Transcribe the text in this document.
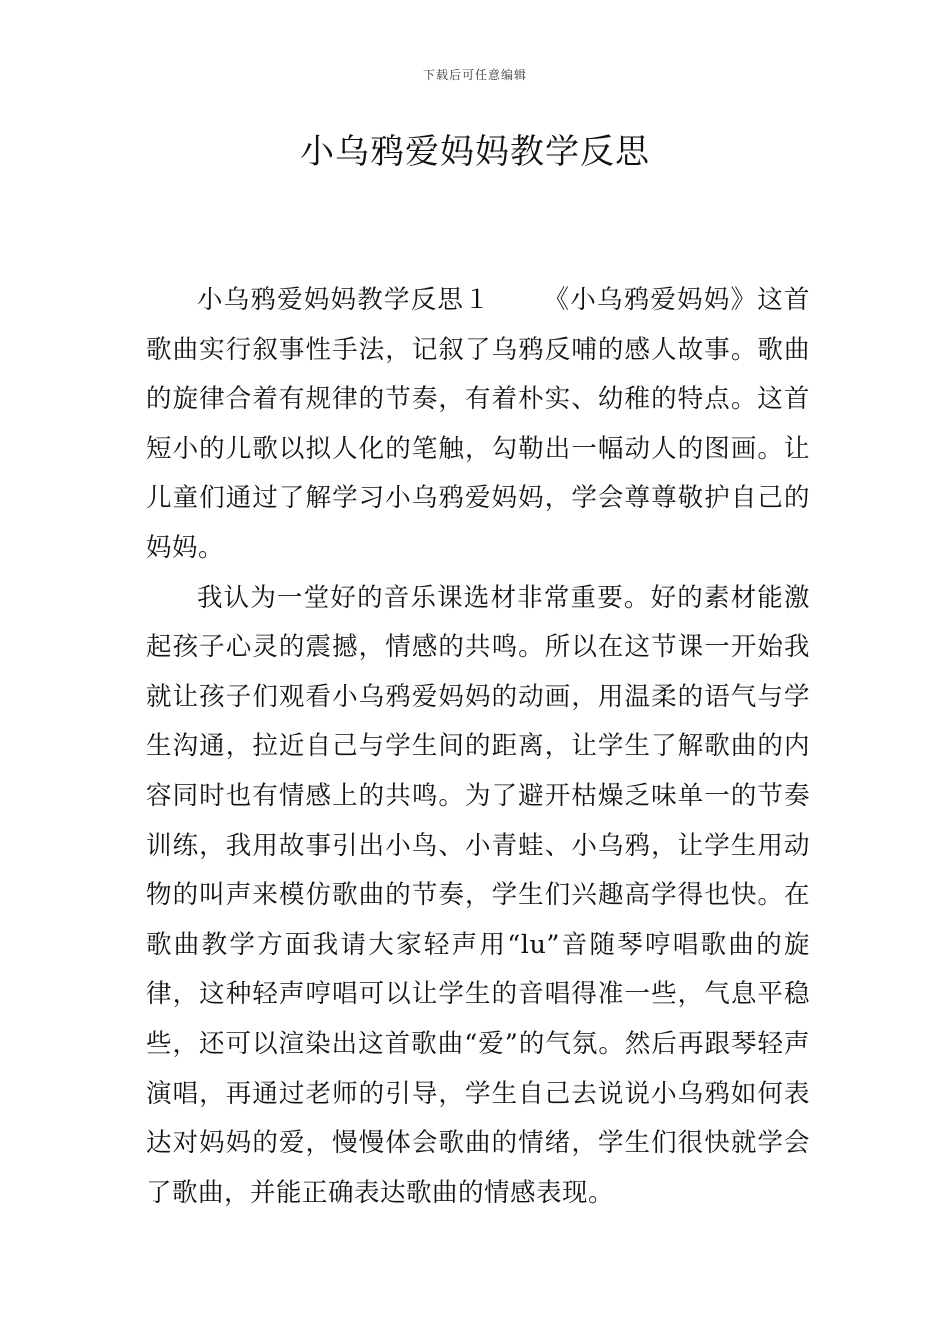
下载后可任意编辑
小乌鸦爱妈妈教学反思

小乌鸦爱妈妈教学反思１ 《小乌鸦爱妈妈》这首歌曲实行叙事性手法，记叙了乌鸦反哺的感人故事。歌曲的旋律合着有规律的节奏，有着朴实、幼稚的特点。这首短小的儿歌以拟人化的笔触，勾勒出一幅动人的图画。让儿童们通过了解学习小乌鸦爱妈妈，学会尊尊敬护自己的妈妈。

我认为一堂好的音乐课选材非常重要。好的素材能激起孩子心灵的震撼，情感的共鸣。所以在这节课一开始我就让孩子们观看小乌鸦爱妈妈的动画，用温柔的语气与学生沟通，拉近自己与学生间的距离，让学生了解歌曲的内容同时也有情感上的共鸣。为了避开枯燥乏味单一的节奏训练，我用故事引出小鸟、小青蛙、小乌鸦，让学生用动物的叫声来模仿歌曲的节奏，学生们兴趣高学得也快。在歌曲教学方面我请大家轻声用“lu”音随琴哼唱歌曲的旋律，这种轻声哼唱可以让学生的音唱得准一些，气息平稳些，还可以渲染出这首歌曲“爱”的气氛。然后再跟琴轻声演唱，再通过老师的引导，学生自己去说说小乌鸦如何表达对妈妈的爱，慢慢体会歌曲的情绪，学生们很快就学会了歌曲，并能正确表达歌曲的情感表现。
